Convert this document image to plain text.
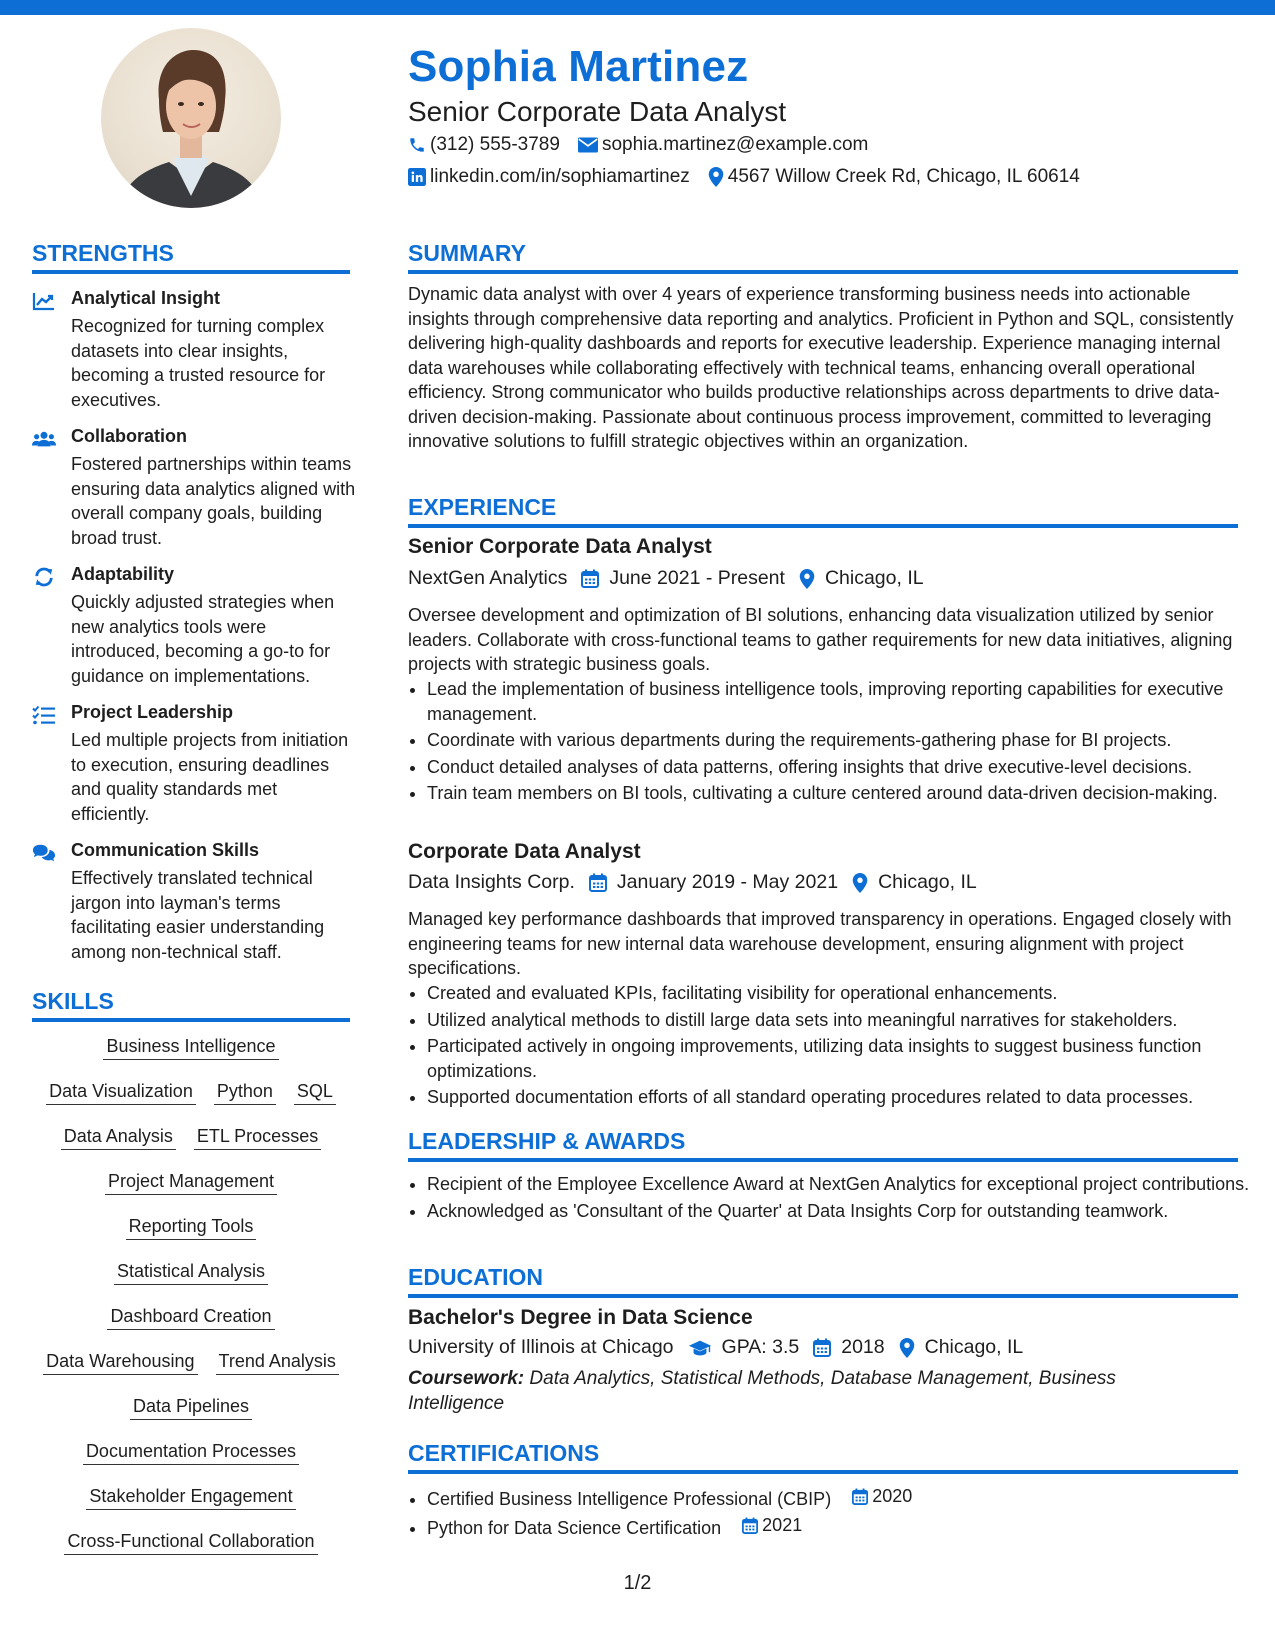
Sophia Martinez
Senior Corporate Data Analyst
(312) 555-3789 sophia.martinez@example.com
linkedin.com/in/sophiamartinez 4567 Willow Creek Rd, Chicago, IL 60614
STRENGTHS
Analytical Insight
Recognized for turning complex datasets into clear insights, becoming a trusted resource for executives.
Collaboration
Fostered partnerships within teams ensuring data analytics aligned with overall company goals, building broad trust.
Adaptability
Quickly adjusted strategies when new analytics tools were introduced, becoming a go-to for guidance on implementations.
Project Leadership
Led multiple projects from initiation to execution, ensuring deadlines and quality standards met efficiently.
Communication Skills
Effectively translated technical jargon into layman's terms facilitating easier understanding among non-technical staff.
SKILLS
Business Intelligence
Data Visualization Python SQL
Data Analysis ETL Processes
Project Management
Reporting Tools
Statistical Analysis
Dashboard Creation
Data Warehousing Trend Analysis
Data Pipelines
Documentation Processes
Stakeholder Engagement
Cross-Functional Collaboration
SUMMARY
Dynamic data analyst with over 4 years of experience transforming business needs into actionable insights through comprehensive data reporting and analytics. Proficient in Python and SQL, consistently delivering high-quality dashboards and reports for executive leadership. Experience managing internal data warehouses while collaborating effectively with technical teams, enhancing overall operational efficiency. Strong communicator who builds productive relationships across departments to drive data-driven decision-making. Passionate about continuous process improvement, committed to leveraging innovative solutions to fulfill strategic objectives within an organization.
EXPERIENCE
Senior Corporate Data Analyst
NextGen Analytics June 2021 - Present Chicago, IL
Oversee development and optimization of BI solutions, enhancing data visualization utilized by senior leaders. Collaborate with cross-functional teams to gather requirements for new data initiatives, aligning projects with strategic business goals.
• Lead the implementation of business intelligence tools, improving reporting capabilities for executive management.
• Coordinate with various departments during the requirements-gathering phase for BI projects.
• Conduct detailed analyses of data patterns, offering insights that drive executive-level decisions.
• Train team members on BI tools, cultivating a culture centered around data-driven decision-making.
Corporate Data Analyst
Data Insights Corp. January 2019 - May 2021 Chicago, IL
Managed key performance dashboards that improved transparency in operations. Engaged closely with engineering teams for new internal data warehouse development, ensuring alignment with project specifications.
• Created and evaluated KPIs, facilitating visibility for operational enhancements.
• Utilized analytical methods to distill large data sets into meaningful narratives for stakeholders.
• Participated actively in ongoing improvements, utilizing data insights to suggest business function optimizations.
• Supported documentation efforts of all standard operating procedures related to data processes.
LEADERSHIP & AWARDS
• Recipient of the Employee Excellence Award at NextGen Analytics for exceptional project contributions.
• Acknowledged as 'Consultant of the Quarter' at Data Insights Corp for outstanding teamwork.
EDUCATION
Bachelor's Degree in Data Science
University of Illinois at Chicago GPA: 3.5 2018 Chicago, IL
Coursework: Data Analytics, Statistical Methods, Database Management, Business Intelligence
CERTIFICATIONS
• Certified Business Intelligence Professional (CBIP) 2020
• Python for Data Science Certification 2021
1/2
